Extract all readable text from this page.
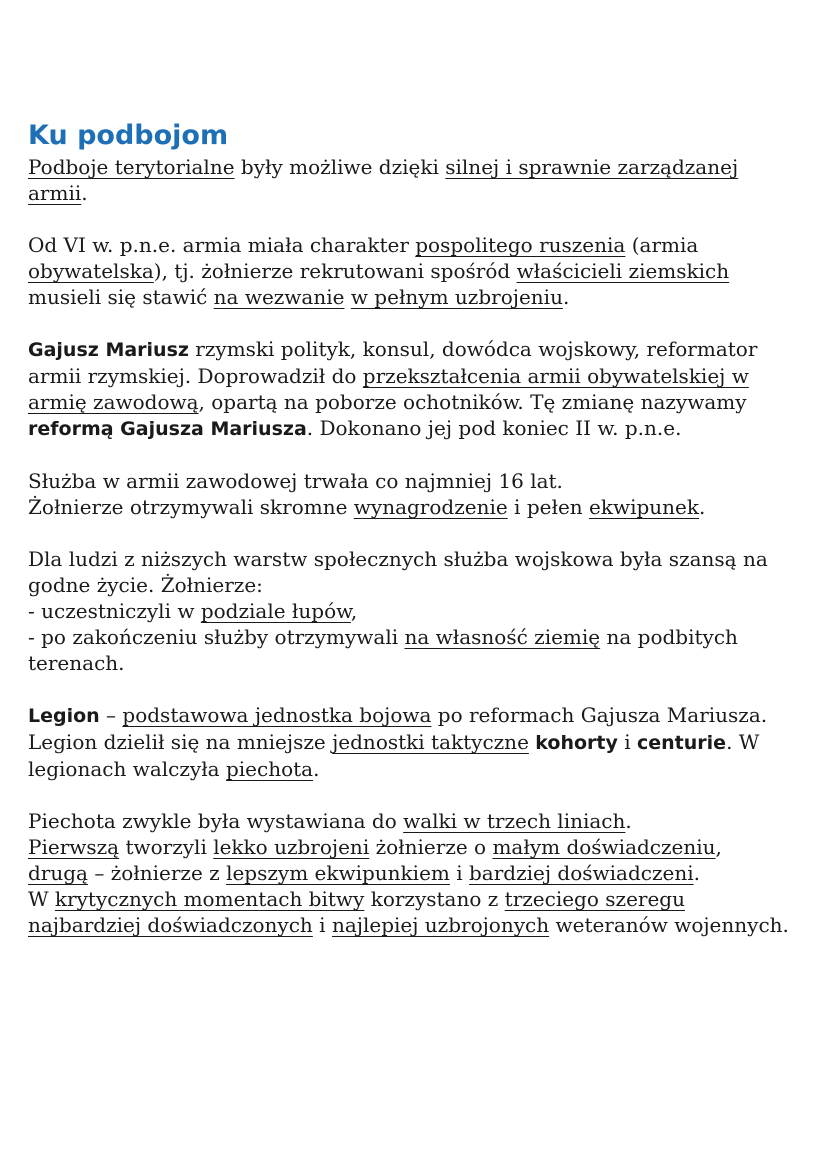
Ku podbojom

Podboje terytorialne były możliwe dzięki silnej i sprawnie zarządzanej armii.

Od VI w. p.n.e. armia miała charakter pospolitego ruszenia (armia obywatelska), tj. żołnierze rekrutowani spośród właścicieli ziemskich musieli się stawić na wezwanie w pełnym uzbrojeniu.

Gajusz Mariusz rzymski polityk, konsul, dowódca wojskowy, reformator armii rzymskiej. Doprowadził do przekształcenia armii obywatelskiej w armię zawodową, opartą na poborze ochotników. Tę zmianę nazywamy reformą Gajusza Mariusza. Dokonano jej pod koniec II w. p.n.e.

Służba w armii zawodowej trwała co najmniej 16 lat.
Żołnierze otrzymywali skromne wynagrodzenie i pełen ekwipunek.

Dla ludzi z niższych warstw społecznych służba wojskowa była szansą na godne życie. Żołnierze:
- uczestniczyli w podziale łupów,
- po zakończeniu służby otrzymywali na własność ziemię na podbitych terenach.

Legion – podstawowa jednostka bojowa po reformach Gajusza Mariusza. Legion dzielił się na mniejsze jednostki taktyczne kohorty i centurie. W legionach walczyła piechota.

Piechota zwykle była wystawiana do walki w trzech liniach.
Pierwszą tworzyli lekko uzbrojeni żołnierze o małym doświadczeniu,
drugą – żołnierze z lepszym ekwipunkiem i bardziej doświadczeni.
W krytycznych momentach bitwy korzystano z trzeciego szeregu najbardziej doświadczonych i najlepiej uzbrojonych weteranów wojennych.
